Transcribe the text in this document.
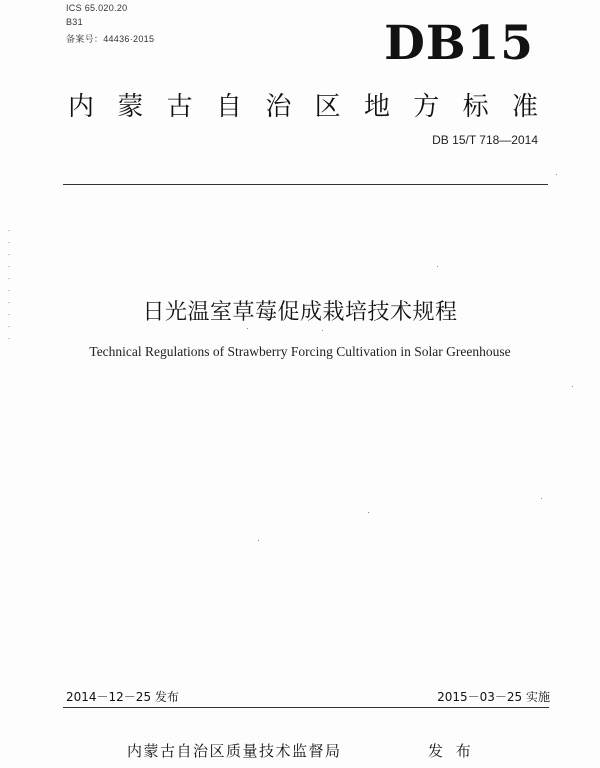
ICS 65.020.20
B31
备案号：44436·2015	DB15
内 蒙 古 自 治 区 地 方 标 准
DB 15/T 718—2014
日光温室草莓促成栽培技术规程
Technical Regulations of Strawberry Forcing Cultivation in Solar Greenhouse
2014－12－25 发布	2015－03－25 实施
内蒙古自治区质量技术监督局	发 布
